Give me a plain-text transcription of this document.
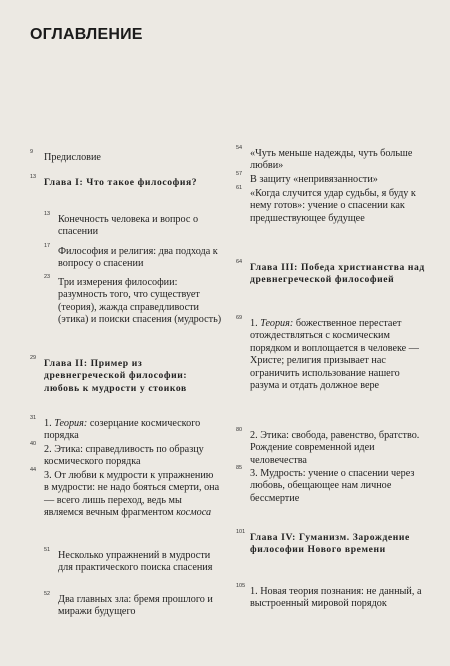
ОГЛАВЛЕНИЕ
9	Предисловие
13 Глава I: Что такое философия?
13 Конечность человека и вопрос о спасении
17 Философия и религия: два подхода к вопросу о спасении
23 Три измерения философии: разумность того, что существует (теория), жажда справедливости (этика) и поиски спасения (мудрость)
29 Глава II: Пример из древнегреческой философии: любовь к мудрости у стоиков
31 1. Теория: созерцание космического порядка
40 2. Этика: справедливость по образцу космического порядка
44 3. От любви к мудрости к упражнению в мудрости: не надо бояться смерти, она — всего лишь переход, ведь мы являемся вечным фрагментом космоса
51 Несколько упражнений в мудрости для практического поиска спасения
52 Два главных зла: бремя прошлого и миражи будущего
54 «Чуть меньше надежды, чуть больше любви»
57 В защиту «непривязанности»
61 «Когда случится удар судьбы, я буду к нему готов»: учение о спасении как предшествующее будущее
64 Глава III: Победа христианства над древнегреческой философией
69 1. Теория: божественное перестает отождествляться с космическим порядком и воплощается в человеке — Христе; религия призывает нас ограничить использование нашего разума и отдать должное вере
80 2. Этика: свобода, равенство, братство. Рождение современной идеи человечества
85 3. Мудрость: учение о спасении через любовь, обещающее нам личное бессмертие
101 Глава IV: Гуманизм. Зарождение философии Нового времени
105 1. Новая теория познания: не данный, а выстроенный мировой порядок
